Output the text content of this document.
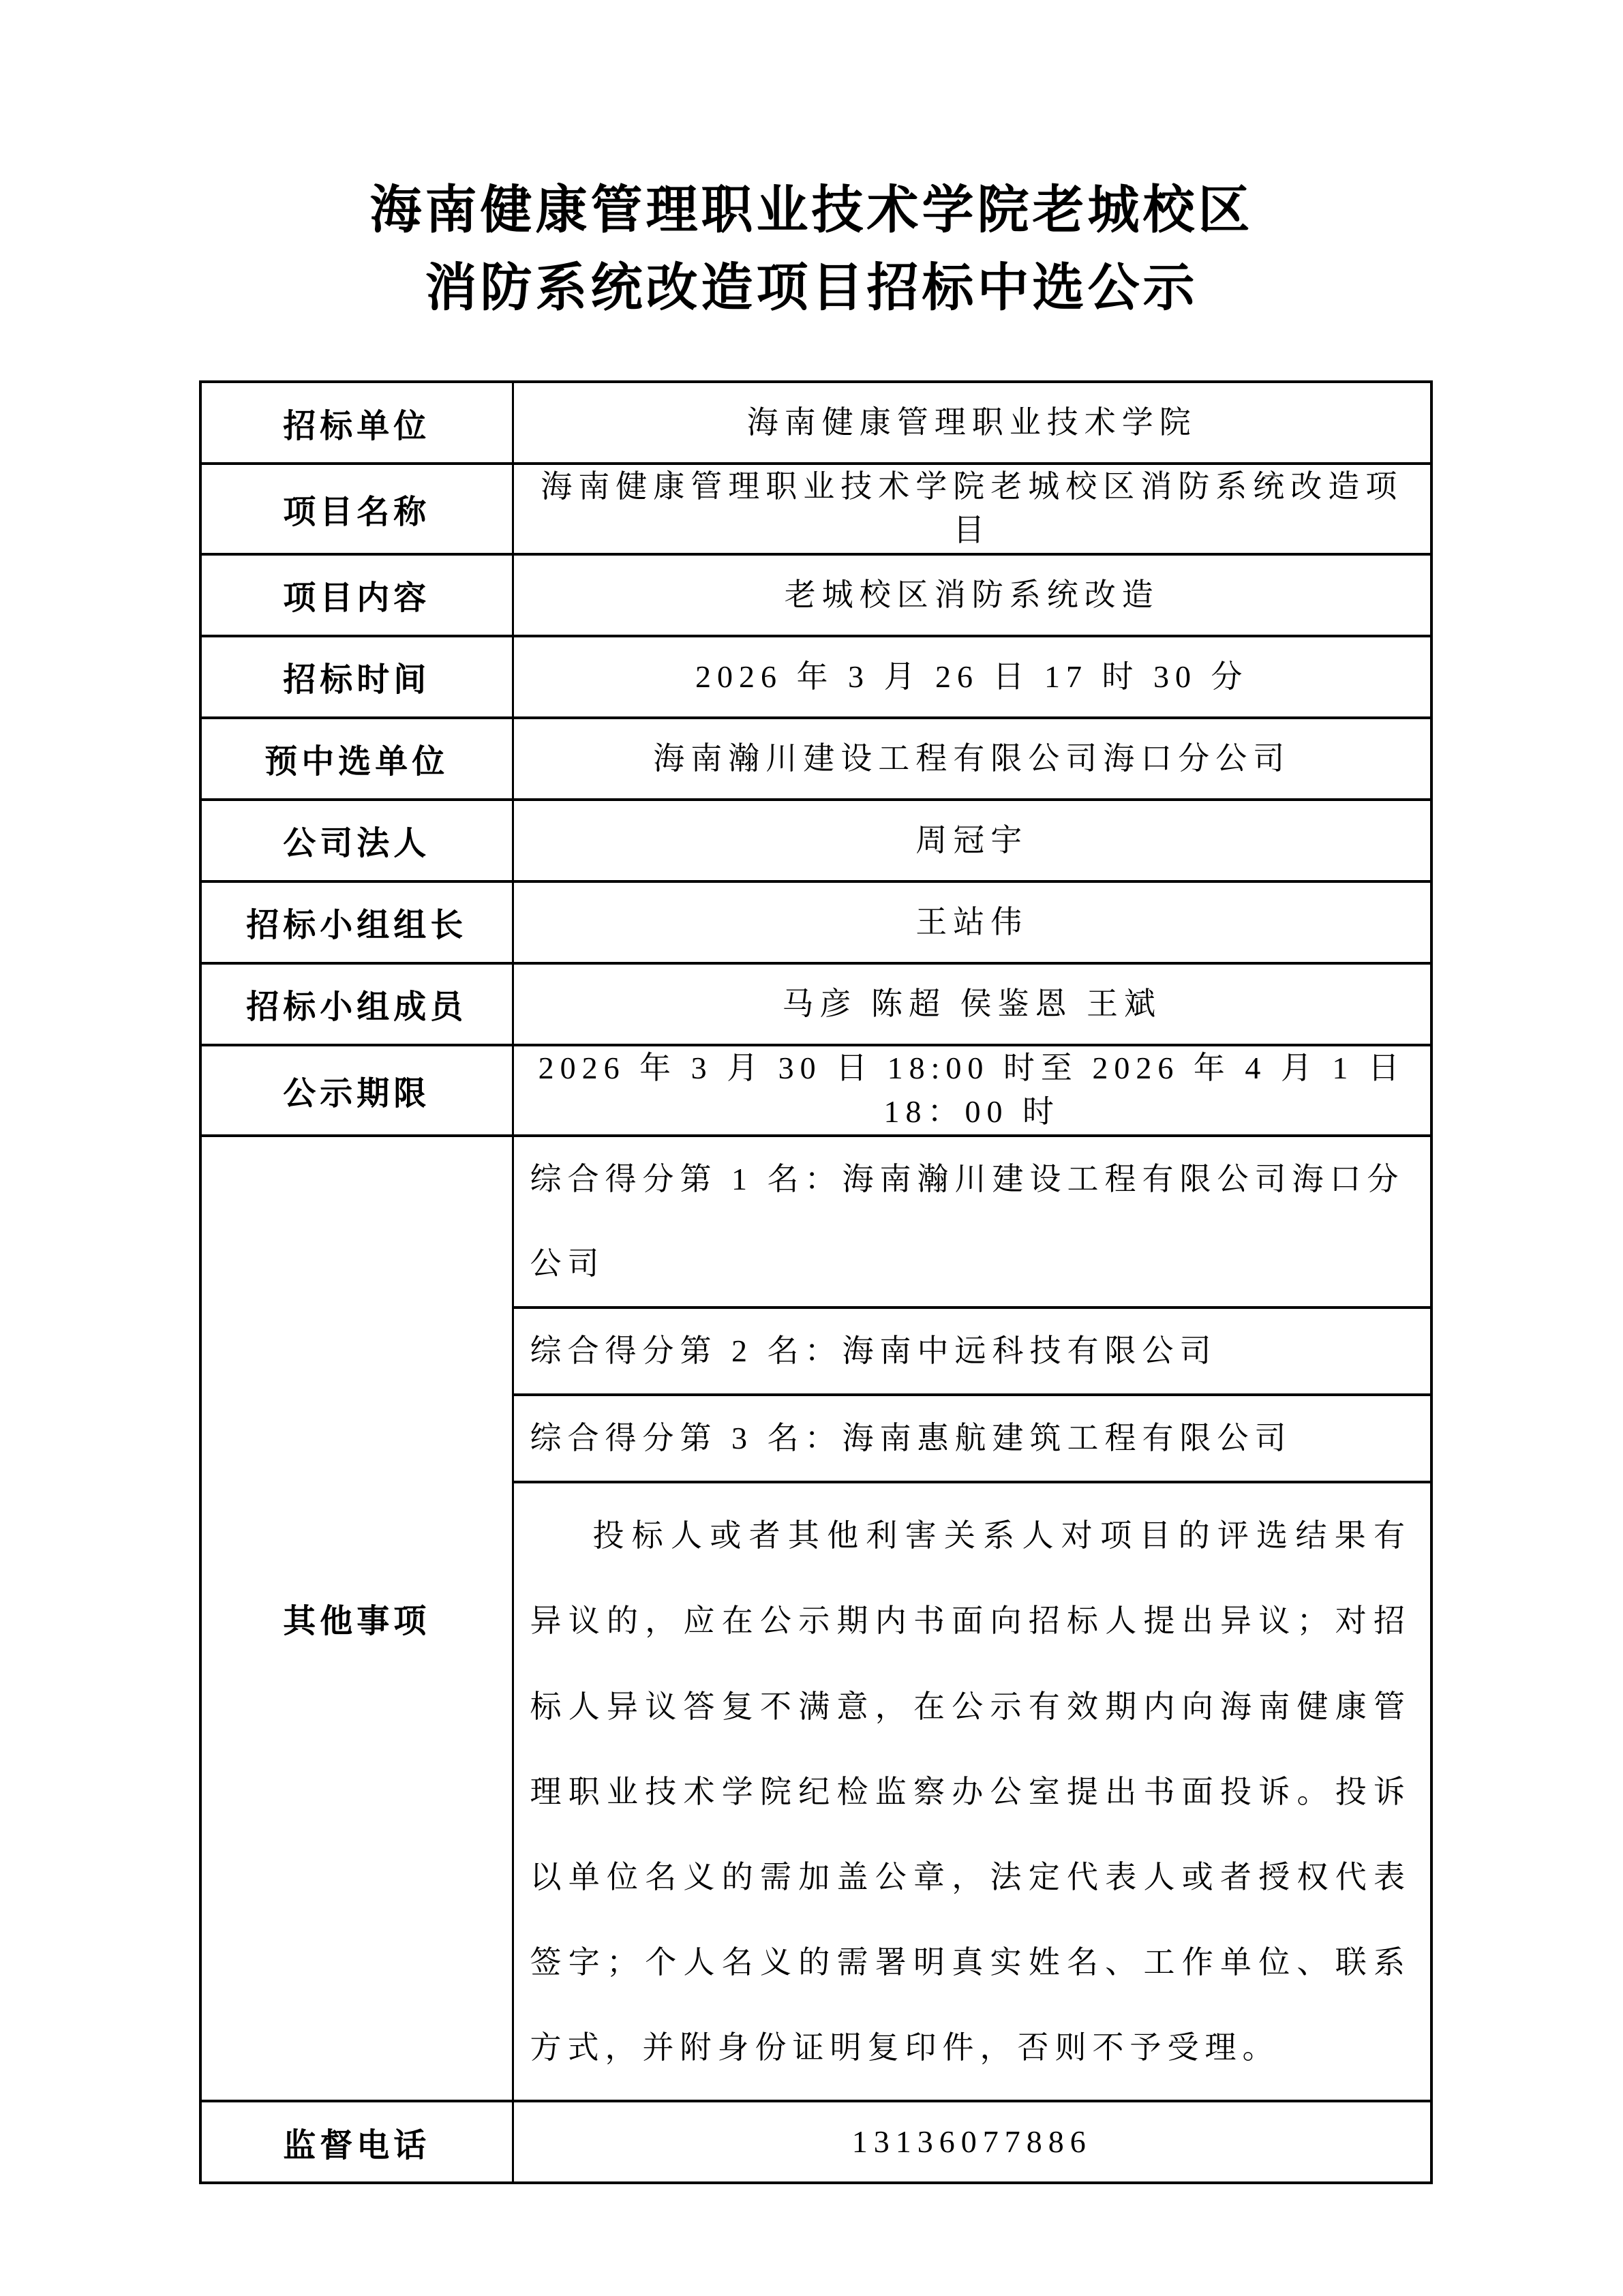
海南健康管理职业技术学院老城校区
消防系统改造项目招标中选公示
招标单位	海南健康管理职业技术学院
项目名称	海南健康管理职业技术学院老城校区消防系统改造项目
项目内容	老城校区消防系统改造
招标时间	2026 年 3 月 26 日 17 时 30 分
预中选单位	海南瀚川建设工程有限公司海口分公司
公司法人	周冠宇
招标小组组长	王站伟
招标小组成员	马彦 陈超 侯鉴恩 王斌
公示期限	2026 年 3 月 30 日 18:00 时至 2026 年 4 月 1 日 18：00 时
其他事项	综合得分第 1 名：海南瀚川建设工程有限公司海口分公司
	综合得分第 2 名：海南中远科技有限公司
	综合得分第 3 名：海南惠航建筑工程有限公司
	投标人或者其他利害关系人对项目的评选结果有异议的，应在公示期内书面向招标人提出异议；对招标人异议答复不满意，在公示有效期内向海南健康管理职业技术学院纪检监察办公室提出书面投诉。投诉以单位名义的需加盖公章，法定代表人或者授权代表签字；个人名义的需署明真实姓名、工作单位、联系方式，并附身份证明复印件，否则不予受理。
监督电话	13136077886
